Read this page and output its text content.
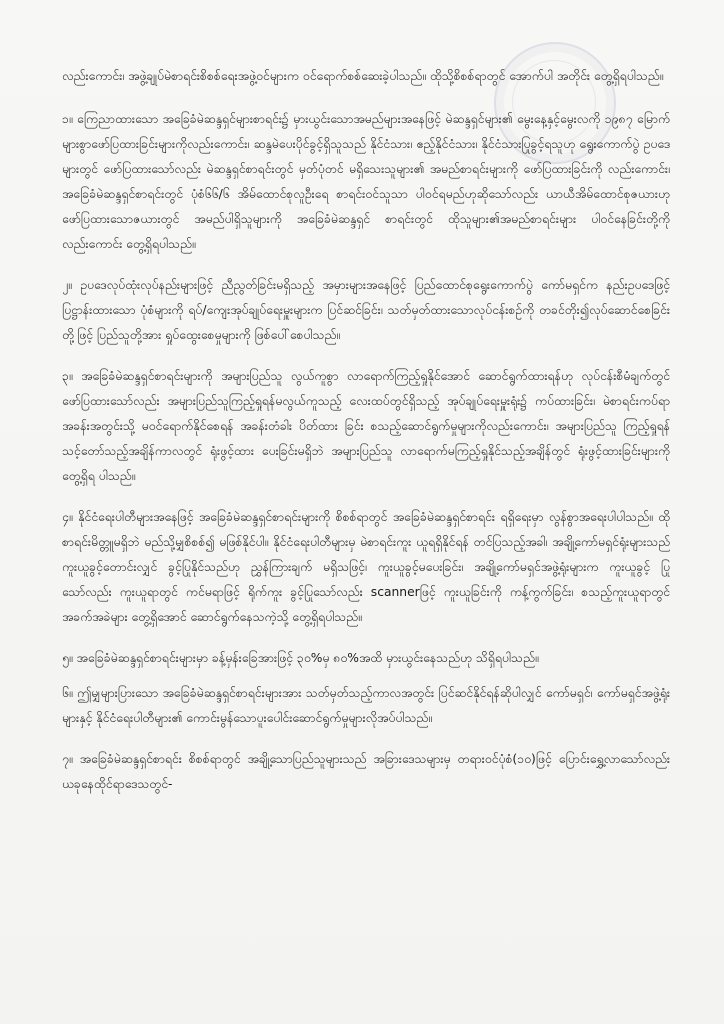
လည်းကောင်း၊ အဖွဲ့ချုပ်မဲစာရင်းစိစစ်ရေးအဖွဲ့ဝင်များက ဝင်ရောက်စစ်ဆေးခဲ့ပါသည်။ ထိုသို့စိစစ်ရာတွင် အောက်ပါ အတိုင်း တွေ့ရှိရပါသည်။

၁။ ကြေညာထားသော အခြေခံမဲဆန္ဒရှင်များစာရင်း၌ မှားယွင်းသောအမည်များအနေဖြင့် မဲဆန္ဒရှင်များ၏ မွေးနေ့နှင့်မွေးလကို ၁၉၈၇ မြောက်များစွာဖော်ပြထားခြင်းများကိုလည်းကောင်း၊ ဆန္ဒမဲပေးပိုင်ခွင့်ရှိသူသည် နိုင်ငံသား၊ ဧည့်နိုင်ငံသား၊ နိုင်ငံသားပြုခွင့်ရသူဟု ရွေးကောက်ပွဲ ဥပဒေများတွင် ဖော်ပြထားသော်လည်း မဲဆန္ဒရှင်စာရင်းတွင် မှတ်ပုံတင် မရှိသေးသူများ၏ အမည်စာရင်းများကို ဖော်ပြထားခြင်းကို လည်းကောင်း၊ အခြေခံမဲဆန္ဒရှင်စာရင်းတွင် ပုံစံ၆၆/၆ အိမ်ထောင်စုလူဦးရေ စာရင်းဝင်သူသာ ပါဝင်ရမည်ဟုဆိုသော်လည်း ယာယီအိမ်ထောင်စုဇယားဟု ဖော်ပြထားသောဇယားတွင် အမည်ပါရှိသူများကို အခြေခံမဲဆန္ဒရှင် စာရင်းတွင် ထိုသူများ၏အမည်စာရင်းများ ပါဝင်နေခြင်းတို့ကိုလည်းကောင်း တွေ့ရှိရပါသည်။

၂။ ဥပဒေလုပ်ထုံးလုပ်နည်းများဖြင့် ညီညွတ်ခြင်းမရှိသည့် အမှားများအနေဖြင့် ပြည်ထောင်စုရွေးကောက်ပွဲ ကော်မရှင်က နည်းဥပဒေဖြင့် ပြဋ္ဌာန်းထားသော ပုံစံများကို ရပ်/ကျေးအုပ်ချုပ်ရေးမှူးများက ပြင်ဆင်ခြင်း၊ သတ်မှတ်ထားသောလုပ်ငန်းစဉ်ကို တခင်တိုး၍လုပ်ဆောင်စေခြင်း တို့ဖြင့် ပြည်သူတို့အား ရှုပ်ထွေးစေမှုများကို ဖြစ်ပေါ်စေပါသည်။

၃။ အခြေခံမဲဆန္ဒရှင်စာရင်းများကို အများပြည်သူ လွယ်ကူစွာ လာရောက်ကြည့်ရှုနိုင်အောင် ဆောင်ရွက်ထားရန်ဟု လုပ်ငန်းစီမံချက်တွင် ဖော်ပြထားသော်လည်း အများပြည်သူကြည့်ရှုရန်မလွယ်ကူသည့် လေးထပ်တွင်ရှိသည့် အုပ်ချုပ်ရေးမှူးရုံး၌ ကပ်ထားခြင်း၊ မဲစာရင်းကပ်ရာအခန်းအတွင်းသို့ မဝင်ရောက်နိုင်စေရန် အခန်းတံခါး ပိတ်ထား ခြင်း စသည့်ဆောင်ရွက်မှုများကိုလည်းကောင်း၊ အများပြည်သူ ကြည့်ရှုရန် သင့်တော်သည့်အချိန်ကာလတွင် ရုံးဖွင့်ထား ပေးခြင်းမရှိဘဲ အများပြည်သူ လာရောက်မကြည့်ရှုနိုင်သည့်အချိန်တွင် ရုံးဖွင့်ထားခြင်းများကို တွေ့ရှိရ ပါသည်။

၄။ နိုင်ငံရေးပါတီများအနေဖြင့် အခြေခံမဲဆန္ဒရှင်စာရင်းများကို စိစစ်ရာတွင် အခြေခံမဲဆန္ဒရှင်စာရင်း ရရှိရေးမှာ လွန်စွာအရေးပါပါသည်။ ထိုစာရင်းမိတ္တူမရှိဘဲ မည်သို့မျှစိစစ်၍ မဖြစ်နိုင်ပါ။ နိုင်ငံရေးပါတီများမှ မဲစာရင်းကူး ယူရရှိနိုင်ရန် တင်ပြသည့်အခါ၊ အချို့ကော်မရှင်ရုံးများသည် ကူးယူခွင့်တောင်းလျှင် ခွင့်ပြုနိုင်သည်ဟု ညွှန်ကြားချက် မရှိသဖြင့်၊ ကူးယူခွင့်မပေးခြင်း၊ အချို့ကော်မရှင်အဖွဲ့ရုံးများက ကူးယူခွင့် ပြုသော်လည်း ကူးယူရာတွင် ကင်မရာဖြင့် ရိုက်ကူး ခွင့်ပြုသော်လည်း scannerဖြင့် ကူးယူခြင်းကို ကန့်ကွက်ခြင်း၊ စသည့်ကူးယူရာတွင် အခက်အခဲများ တွေ့ရှိအောင် ဆောင်ရွက်နေသကဲ့သို့ တွေ့ရှိရပါသည်။

၅။ အခြေခံမဲဆန္ဒရှင်စာရင်းများမှာ ခန့်မှန်းခြေအားဖြင့် ၃၀%မှ ၈၀%အထိ မှားယွင်းနေသည်ဟု သိရှိရပါသည်။

၆။ ဤမျှများပြားသော အခြေခံမဲဆန္ဒရှင်စာရင်းများအား သတ်မှတ်သည့်ကာလအတွင်း ပြင်ဆင်နိုင်ရန်ဆိုပါလျှင် ကော်မရှင်၊ ကော်မရှင်အဖွဲ့ရုံးများနှင့် နိုင်ငံရေးပါတီများ၏ ကောင်းမွန်သောပူးပေါင်းဆောင်ရွက်မှုများလိုအပ်ပါသည်။

၇။ အခြေခံမဲဆန္ဒရှင်စာရင်း စိစစ်ရာတွင် အချို့သောပြည်သူများသည် အခြားဒေသများမှ တရားဝင်ပုံစံ(၁၀)ဖြင့် ပြောင်းရွှေ့လာသော်လည်း ယခုနေထိုင်ရာဒေသတွင်-
